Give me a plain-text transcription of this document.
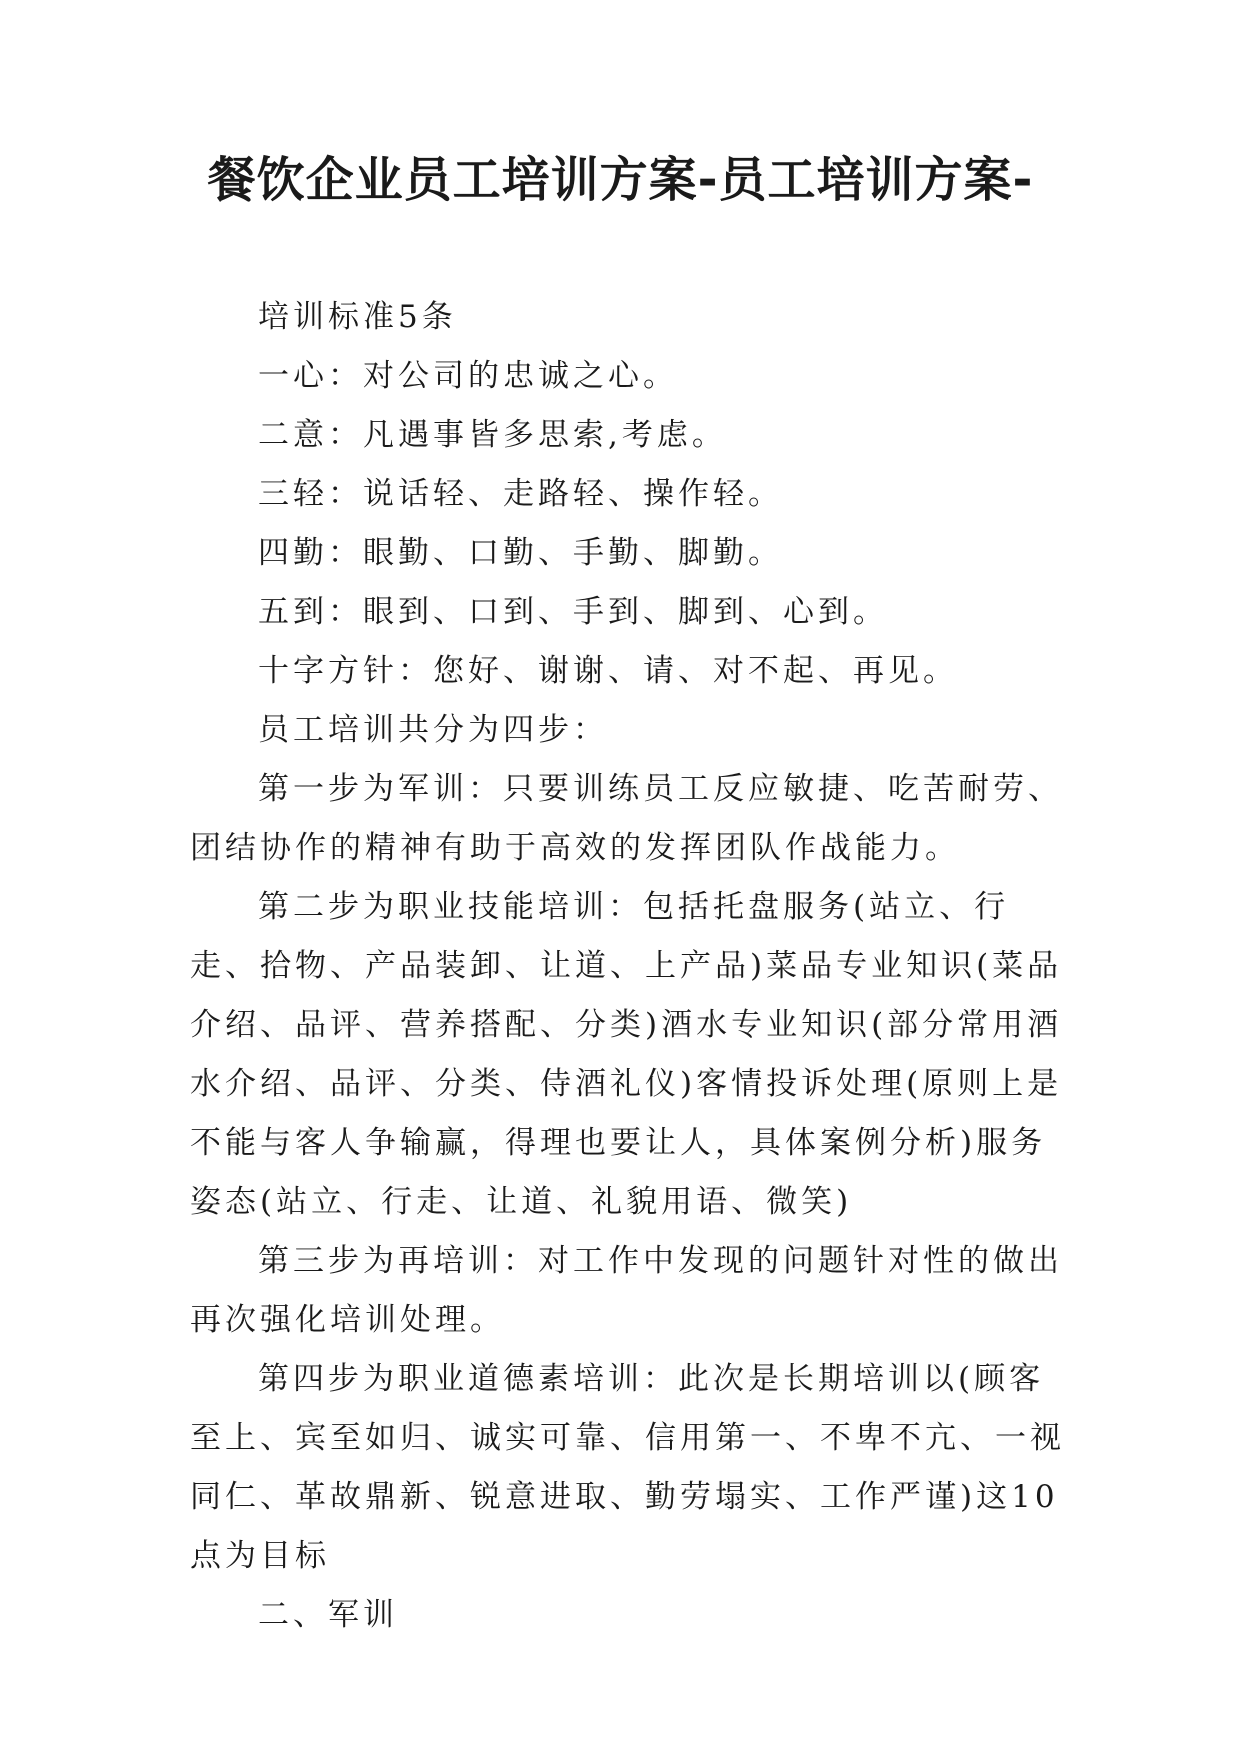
餐饮企业员工培训方案-员工培训方案-

培训标准5条

一心：对公司的忠诚之心。

二意：凡遇事皆多思索,考虑。

三轻：说话轻、走路轻、操作轻。

四勤：眼勤、口勤、手勤、脚勤。

五到：眼到、口到、手到、脚到、心到。

十字方针：您好、谢谢、请、对不起、再见。

员工培训共分为四步：

第一步为军训：只要训练员工反应敏捷、吃苦耐劳、团结协作的精神有助于高效的发挥团队作战能力。

第二步为职业技能培训：包括托盘服务(站立、行走、拾物、产品装卸、让道、上产品)菜品专业知识(菜品介绍、品评、营养搭配、分类)酒水专业知识(部分常用酒水介绍、品评、分类、侍酒礼仪)客情投诉处理(原则上是不能与客人争输赢，得理也要让人，具体案例分析)服务姿态(站立、行走、让道、礼貌用语、微笑)

第三步为再培训：对工作中发现的问题针对性的做出再次强化培训处理。

第四步为职业道德素培训：此次是长期培训以(顾客至上、宾至如归、诚实可靠、信用第一、不卑不亢、一视同仁、革故鼎新、锐意进取、勤劳塌实、工作严谨)这10点为目标

二、军训
